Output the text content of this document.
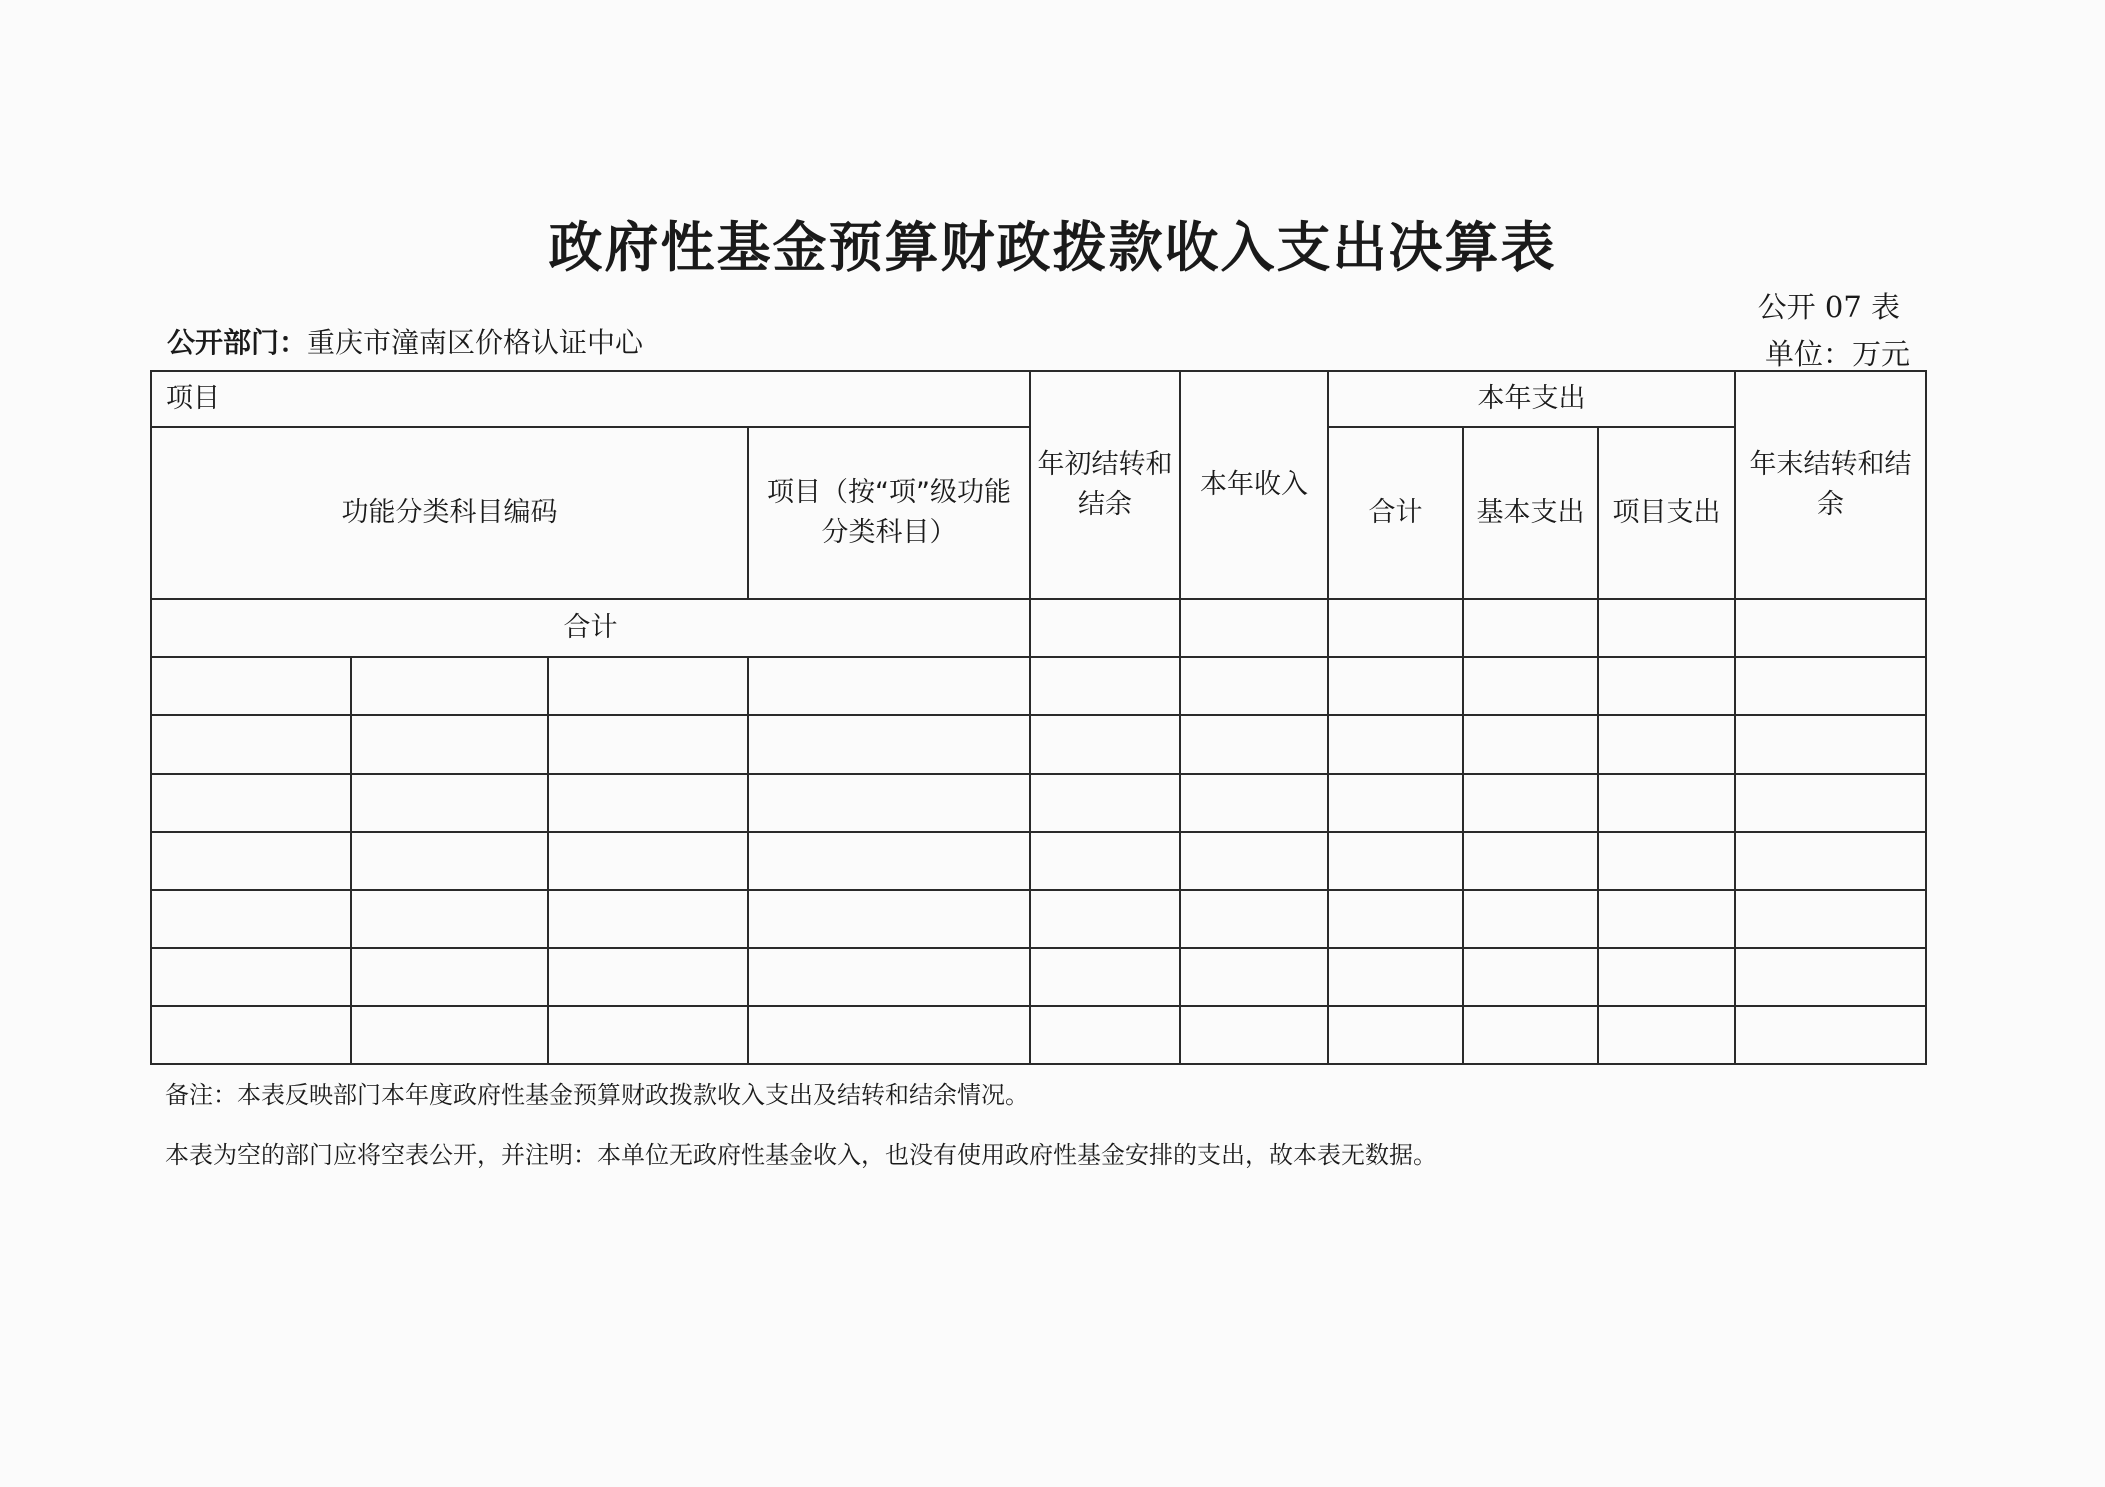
政府性基金预算财政拨款收入支出决算表
公开 07 表
单位：万元
公开部门：重庆市潼南区价格认证中心
项目				年初结转和结余	本年收入	本年支出			年末结转和结余
功能分类科目编码			项目（按“项”级功能分类科目）			合计	基本支出	项目支出	
合计									

备注：本表反映部门本年度政府性基金预算财政拨款收入支出及结转和结余情况。
本表为空的部门应将空表公开，并注明：本单位无政府性基金收入，也没有使用政府性基金安排的支出，故本表无数据。
